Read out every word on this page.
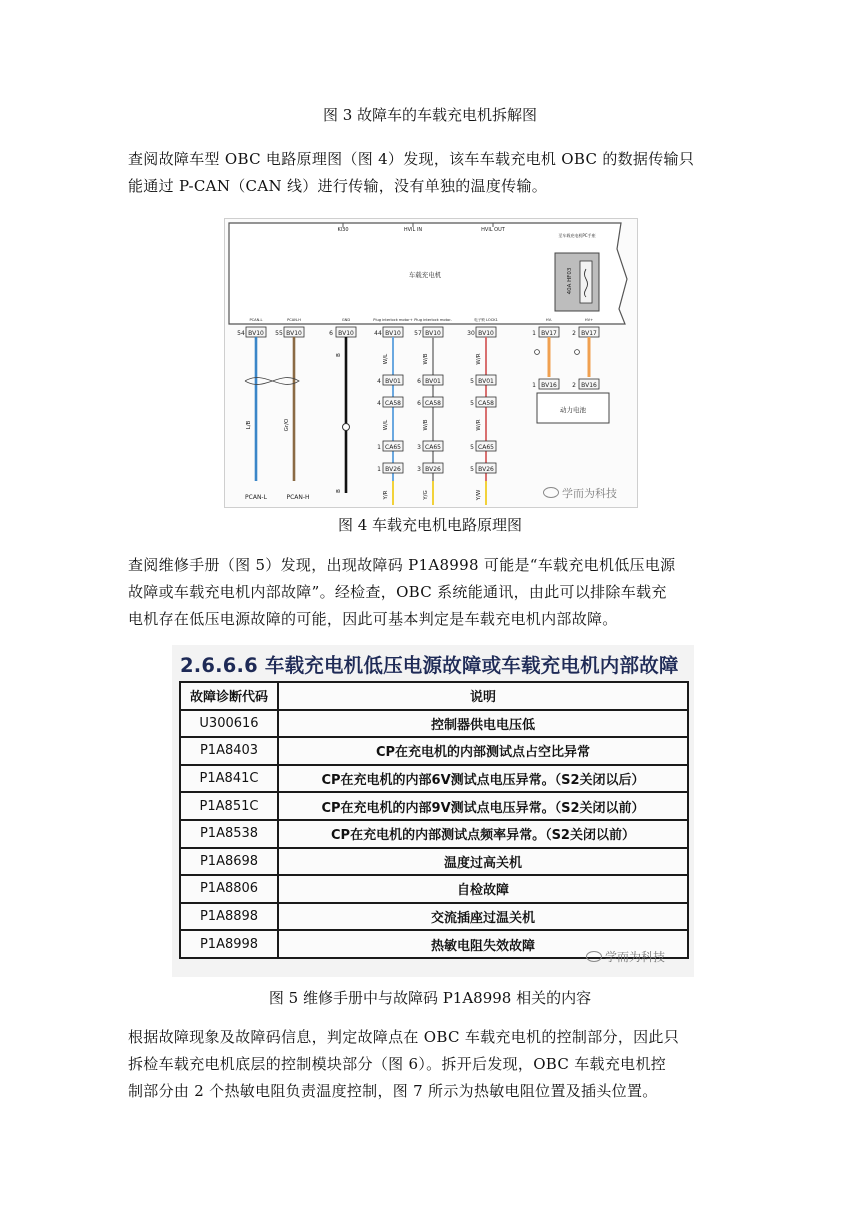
图 3 故障车的车载充电机拆解图
查阅故障车型 OBC 电路原理图（图 4）发现，该车车载充电机 OBC 的数据传输只
能通过 P-CAN（CAN 线）进行传输，没有单独的温度传输。
Kl30	HVIL IN	HVIL OUT
车载充电机
至车载充电机PC手座
40A HF03
PCAN-L
54 BV10
PCAN-H
55 BV10
GND
6 BV10
Plug interlock motor+
44 BV10
Plug interlock motor-
57 BV10
电子锁 LOCK1
30 BV10
HV-
1 BV17
HV+
2 BV17
L/B	Gr/O
B
B
PCAN-L	PCAN-H
4 BV01
4 CA58
1 CA65
1 BV26
W/L
W/L
Y/R
6 BV01
6 CA58
3 CA65
3 BV26
W/B
W/B
Y/G
5 BV01
5 CA58
5 CA65
5 BV26
W/R
W/R
Y/W
1 BV16	2 BV16
动力电池
学而为科技
图 4 车载充电机电路原理图
查阅维修手册（图 5）发现，出现故障码 P1A8998 可能是“车载充电机低压电源
故障或车载充电机内部故障”。经检查，OBC 系统能通讯，由此可以排除车载充
电机存在低压电源故障的可能，因此可基本判定是车载充电机内部故障。
2.6.6.6 车载充电机低压电源故障或车载充电机内部故障
故障诊断代码	说明
U300616	控制器供电电压低
P1A8403	CP在充电机的内部测试点占空比异常
P1A841C	CP在充电机的内部6V测试点电压异常。（S2关闭以后）
P1A851C	CP在充电机的内部9V测试点电压异常。（S2关闭以前）
P1A8538	CP在充电机的内部测试点频率异常。（S2关闭以前）
P1A8698	温度过高关机
P1A8806	自检故障
P1A8898	交流插座过温关机
P1A8998	热敏电阻失效故障
学而为科技
图 5 维修手册中与故障码 P1A8998 相关的内容
根据故障现象及故障码信息，判定故障点在 OBC 车载充电机的控制部分，因此只
拆检车载充电机底层的控制模块部分（图 6）。拆开后发现，OBC 车载充电机控
制部分由 2 个热敏电阻负责温度控制，图 7 所示为热敏电阻位置及插头位置。
